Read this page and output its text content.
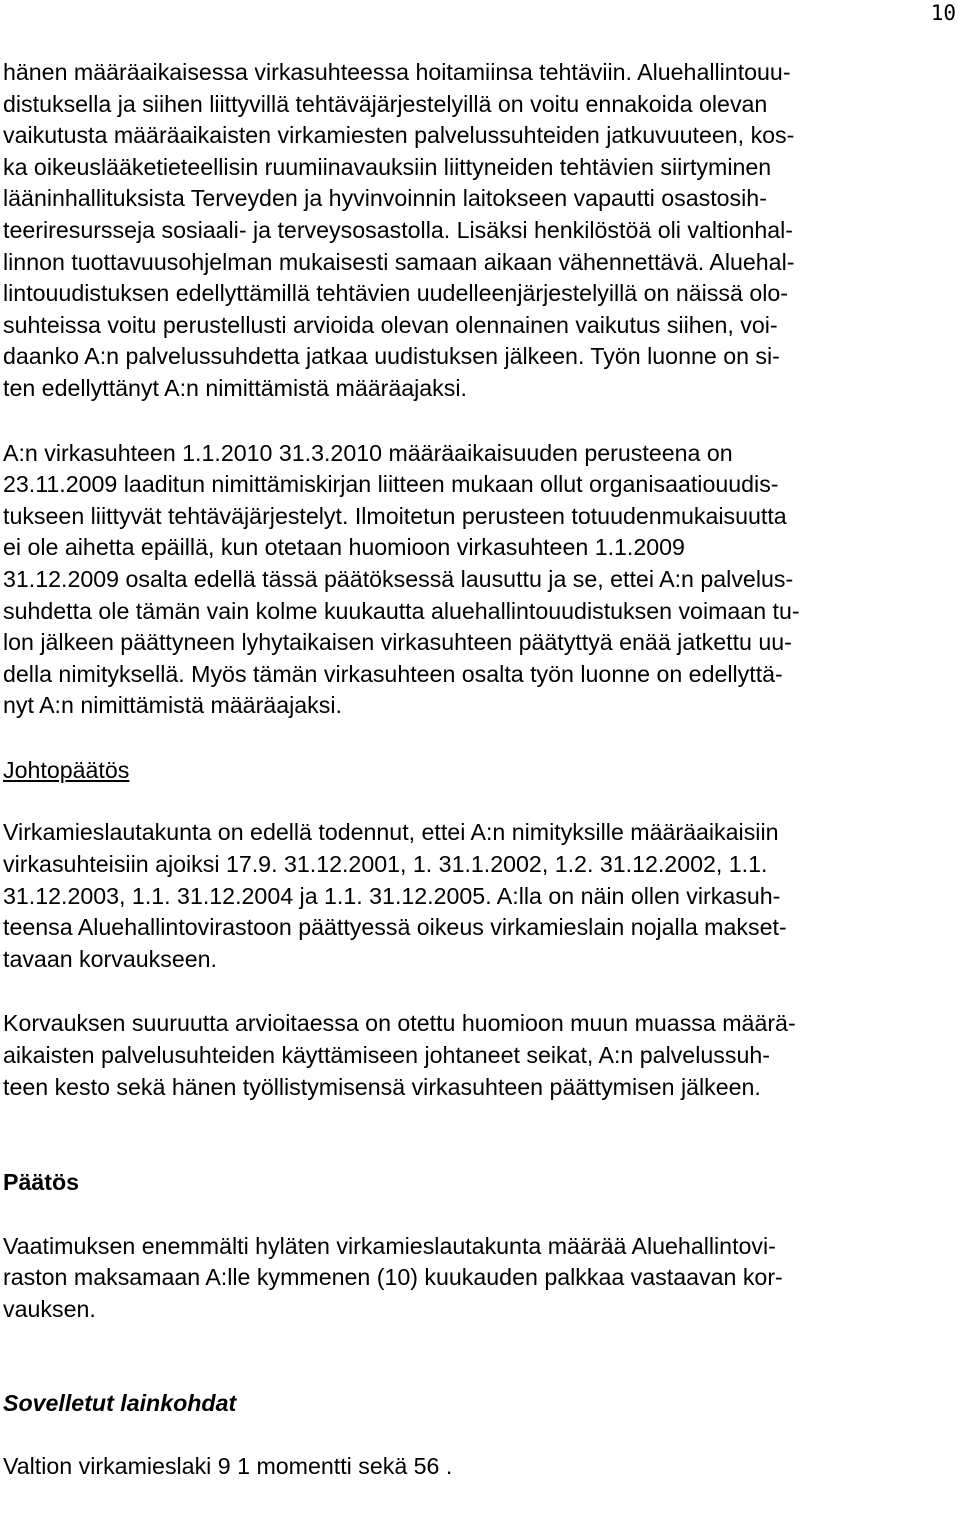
10
hänen määräaikaisessa virkasuhteessa hoitamiinsa tehtäviin. Aluehallintouu-
distuksella ja siihen liittyvillä tehtäväjärjestelyillä on voitu ennakoida olevan
vaikutusta määräaikaisten virkamiesten palvelussuhteiden jatkuvuuteen, kos-
ka oikeuslääketieteellisin ruumiinavauksiin liittyneiden tehtävien siirtyminen
lääninhallituksista Terveyden ja hyvinvoinnin laitokseen vapautti osastosih-
teeriresursseja sosiaali- ja terveysosastolla. Lisäksi henkilöstöä oli valtionhal-
linnon tuottavuusohjelman mukaisesti samaan aikaan vähennettävä. Aluehal-
lintouudistuksen edellyttämillä tehtävien uudelleenjärjestelyillä on näissä olo-
suhteissa voitu perustellusti arvioida olevan olennainen vaikutus siihen, voi-
daanko A:n palvelussuhdetta jatkaa uudistuksen jälkeen. Työn luonne on si-
ten edellyttänyt A:n nimittämistä määräajaksi.
A:n virkasuhteen 1.1.2010 31.3.2010 määräaikaisuuden perusteena on
23.11.2009 laaditun nimittämiskirjan liitteen mukaan ollut organisaatiouudis-
tukseen liittyvät tehtäväjärjestelyt. Ilmoitetun perusteen totuudenmukaisuutta
ei ole aihetta epäillä, kun otetaan huomioon virkasuhteen 1.1.2009
31.12.2009 osalta edellä tässä päätöksessä lausuttu ja se, ettei A:n palvelus-
suhdetta ole tämän vain kolme kuukautta aluehallintouudistuksen voimaan tu-
lon jälkeen päättyneen lyhytaikaisen virkasuhteen päätyttyä enää jatkettu uu-
della nimityksellä. Myös tämän virkasuhteen osalta työn luonne on edellyttä-
nyt A:n nimittämistä määräajaksi.
Johtopäätös
Virkamieslautakunta on edellä todennut, ettei A:n nimityksille määräaikaisiin
virkasuhteisiin ajoiksi 17.9. 31.12.2001, 1. 31.1.2002, 1.2. 31.12.2002, 1.1.
31.12.2003, 1.1. 31.12.2004 ja 1.1. 31.12.2005. A:lla on näin ollen virkasuh-
teensa Aluehallintovirastoon päättyessä oikeus virkamieslain nojalla makset-
tavaan korvaukseen.
Korvauksen suuruutta arvioitaessa on otettu huomioon muun muassa määrä-
aikaisten palvelusuhteiden käyttämiseen johtaneet seikat, A:n palvelussuh-
teen kesto sekä hänen työllistymisensä virkasuhteen päättymisen jälkeen.
Päätös
Vaatimuksen enemmälti hyläten virkamieslautakunta määrää Aluehallintovi-
raston maksamaan A:lle kymmenen (10) kuukauden palkkaa vastaavan kor-
vauksen.
Sovelletut lainkohdat
Valtion virkamieslaki 9 1 momentti sekä 56 .
